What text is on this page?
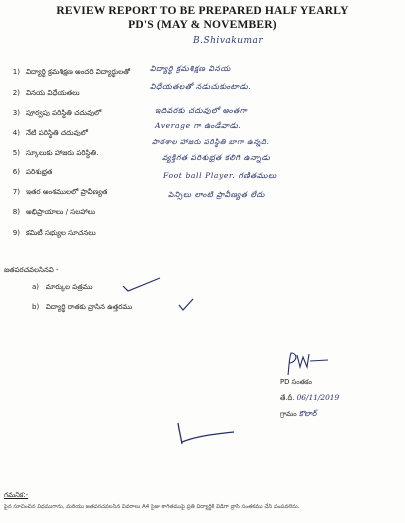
REVIEW REPORT TO BE PREPARED HALF YEARLY
PD'S (MAY & NOVEMBER)
B.Shivakumar
1) విద్యార్థి క్రమశిక్షణ అందరి విద్యార్థులతో
2) వినయ విధేయతలు
3) పూర్వపు పరిస్థితి చదువులో
4) నేటి పరిస్థితి చదువులో
5) స్కూలుకు హాజరు పరిస్థితి.
6) పరిశుభ్రత
7) ఇతర అంశములలో ప్రావీణ్యత
8) అభిప్రాయాలు / సలహాలు
9) కమిటీ సభ్యుల సూచనలు
విద్యార్థి క్రమశిక్షణ వినయ
విధేయతలతో నడుచుకుంటాడు.
ఇదివరకు చదువులో అంతగా
Average గా ఉండేవాడు.
పాఠశాల హాజరు పరిస్థితి బాగా ఉన్నది.
వ్యక్తిగత పరిశుభ్రత కలిగి ఉన్నాడు
Foot ball Player. గణితములు
పెన్సిలు లాంటి ప్రావీణ్యత లేదు
జతపరచవలసినవి -
a) మార్కుల పత్రము
b) విద్యార్థి రాతకు వ్రాసిన ఉత్తరము
PD సంతకం
తే.దీ. 06/11/2019
గ్రామం కొలార్
గమనిక:-
పైన సూచించిన విధముగాను, మరియు జతపరచవలసిన వివరాలు A4 సైజు కాగితముపై ప్రతి విద్యార్థికి విడిగా వ్రాసి సంతకము చేసి పంపవలెను.
